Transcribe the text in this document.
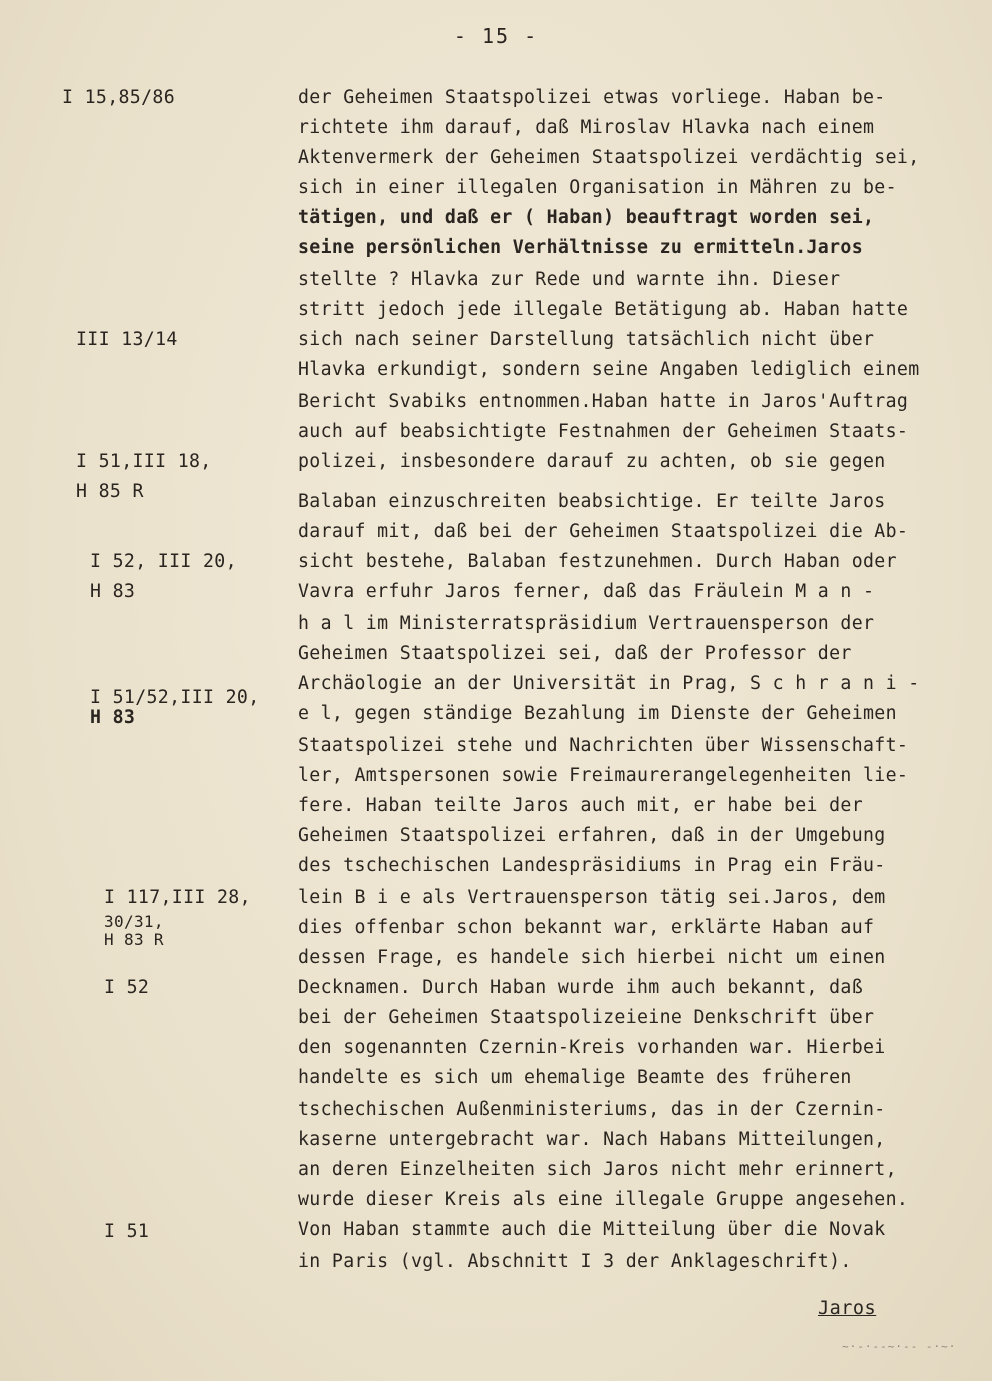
- 15 -
I 15,85/86
III 13/14
I 51,III 18,
H 85 R
I 52, III 20,
H 83
I 51/52,III 20,
H 83
I 117,III 28,
30/31,
H 83 R
I 52
I 51
der Geheimen Staatspolizei etwas vorliege. Haban be-
richtete ihm darauf, daß Miroslav Hlavka nach einem
Aktenvermerk der Geheimen Staatspolizei verdächtig sei,
sich in einer illegalen Organisation in Mähren zu be-
tätigen, und daß er ( Haban) beauftragt worden sei,
seine persönlichen Verhältnisse zu ermitteln.Jaros
stellte ? Hlavka zur Rede und warnte ihn. Dieser
stritt jedoch jede illegale Betätigung ab. Haban hatte
sich nach seiner Darstellung tatsächlich nicht über
Hlavka erkundigt, sondern seine Angaben lediglich einem
Bericht Svabiks entnommen.Haban hatte in Jaros'Auftrag
auch auf beabsichtigte Festnahmen der Geheimen Staats-
polizei, insbesondere darauf zu achten, ob sie gegen
Balaban einzuschreiten beabsichtige. Er teilte Jaros
darauf mit, daß bei der Geheimen Staatspolizei die Ab-
sicht bestehe, Balaban festzunehmen. Durch Haban oder
Vavra erfuhr Jaros ferner, daß das Fräulein M a n -
h a l im Ministerratspräsidium Vertrauensperson der
Geheimen Staatspolizei sei, daß der Professor der
Archäologie an der Universität in Prag, S c h r a n i -
e l, gegen ständige Bezahlung im Dienste der Geheimen
Staatspolizei stehe und Nachrichten über Wissenschaft-
ler, Amtspersonen sowie Freimaurerangelegenheiten lie-
fere. Haban teilte Jaros auch mit, er habe bei der
Geheimen Staatspolizei erfahren, daß in der Umgebung
des tschechischen Landespräsidiums in Prag ein Fräu-
lein B i e als Vertrauensperson tätig sei.Jaros, dem
dies offenbar schon bekannt war, erklärte Haban auf
dessen Frage, es handele sich hierbei nicht um einen
Decknamen. Durch Haban wurde ihm auch bekannt, daß
bei der Geheimen Staatspolizeieine Denkschrift über
den sogenannten Czernin-Kreis vorhanden war. Hierbei
handelte es sich um ehemalige Beamte des früheren
tschechischen Außenministeriums, das in der Czernin-
kaserne untergebracht war. Nach Habans Mitteilungen,
an deren Einzelheiten sich Jaros nicht mehr erinnert,
wurde dieser Kreis als eine illegale Gruppe angesehen.
Von Haban stammte auch die Mitteilung über die Novak
in Paris (vgl. Abschnitt I 3 der Anklageschrift).
Jaros
~·-·--~·-- -·~·
